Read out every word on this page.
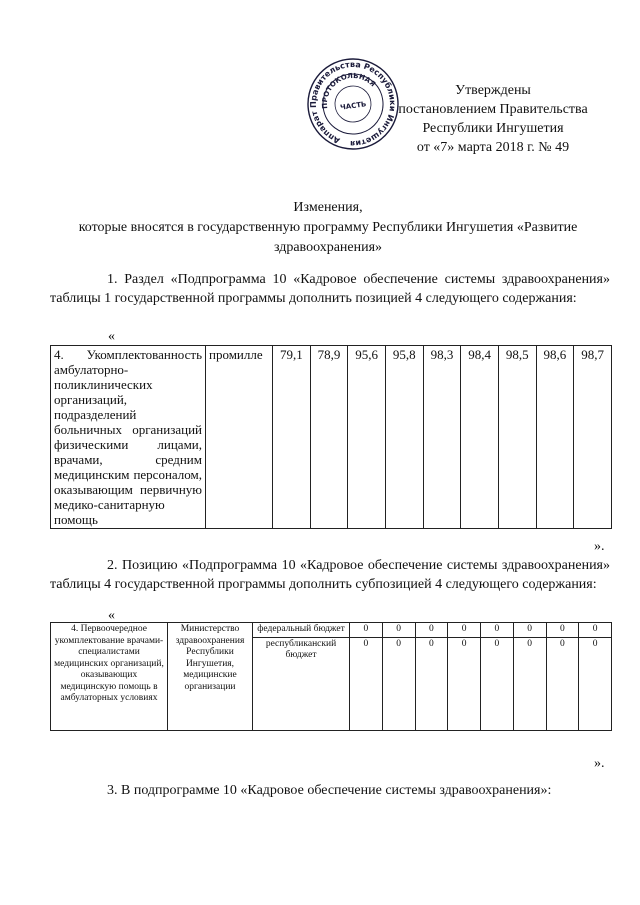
Утверждены
постановлением Правительства
Республики Ингушетия
от «7» марта 2018 г. № 49
Аппарат Правительства Республики Ингушетия
ПРОТОКОЛЬНАЯ
ЧАСТЬ
Изменения,
которые вносятся в государственную программу Республики Ингушетия «Развитие здравоохранения»
1. Раздел «Подпрограмма 10 «Кадровое обеспечение системы здравоохранения» таблицы 1 государственной программы дополнить позицией 4 следующего содержания:
«
4. Укомплектованность амбулаторно-поликлинических организаций, подразделений больничных организаций физическими лицами, врачами, средним медицинским персоналом, оказывающим первичную медико-санитарную помощь	промилле	79,1	78,9	95,6	95,8	98,3	98,4	98,5	98,6	98,7
».
2. Позицию «Подпрограмма 10 «Кадровое обеспечение системы здравоохранения» таблицы 4 государственной программы дополнить субпозицией 4 следующего содержания:
«
4. Первоочередное укомплектование врачами-специалистами медицинских организаций, оказывающих медицинскую помощь в амбулаторных условиях	Министерство здравоохранения Республики Ингушетия, медицинские организации	федеральный бюджет	0	0	0	0	0	0	0	0
		республиканский бюджет	0	0	0	0	0	0	0	0
».
3. В подпрограмме 10 «Кадровое обеспечение системы здравоохранения»:
